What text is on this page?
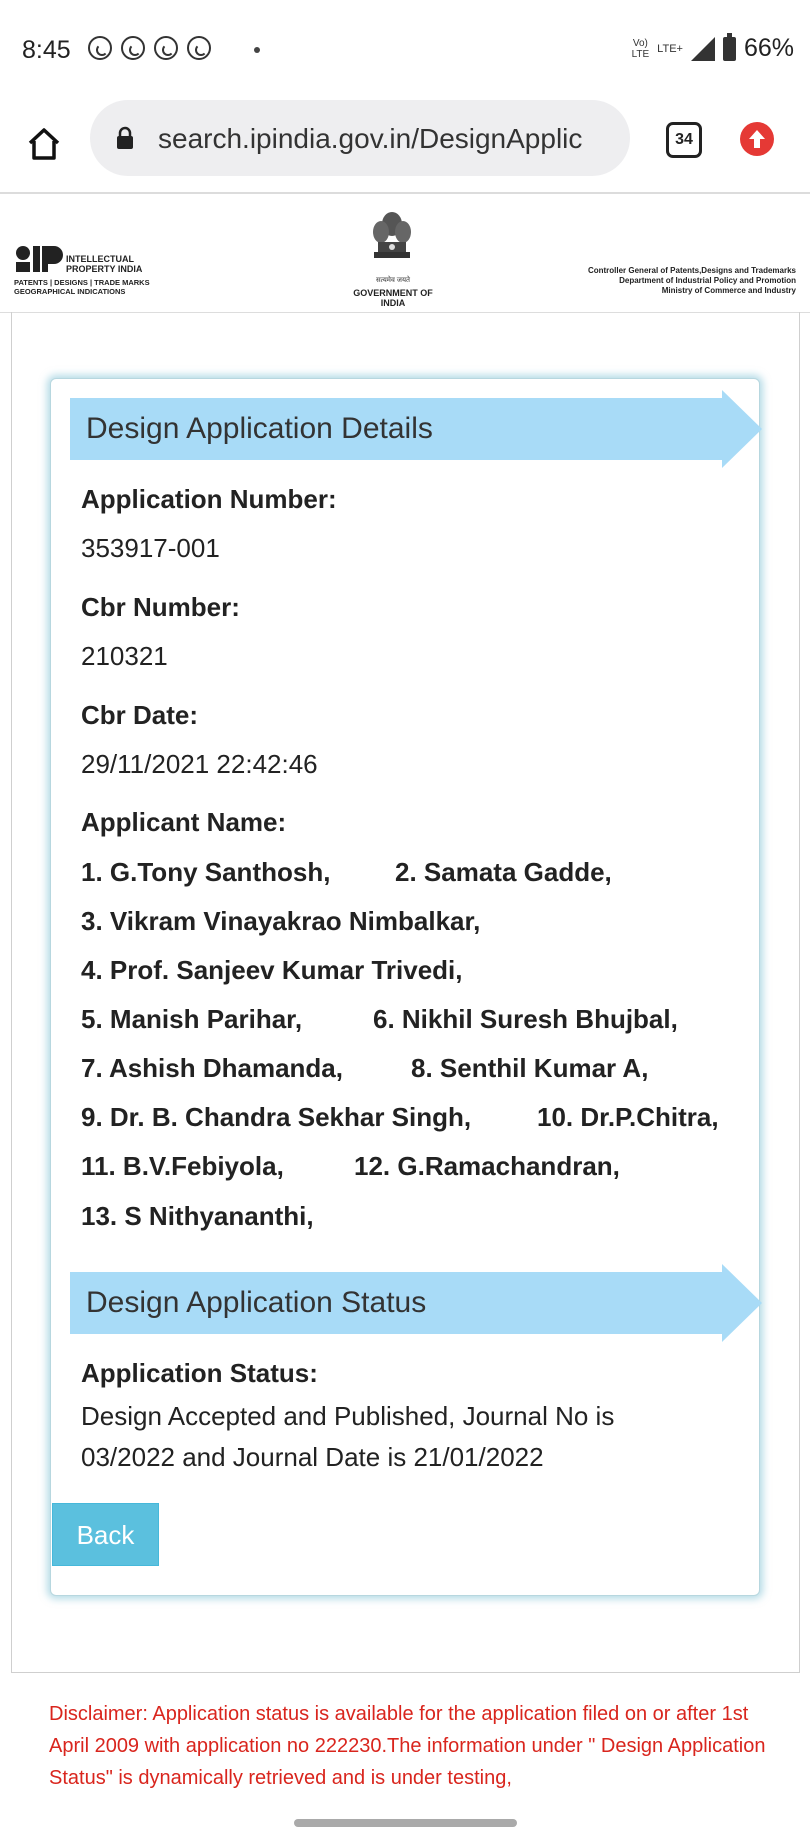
8:45	Vo)
LTE LTE+ 66%
search.ipindia.gov.in/DesignApplic	34
INTELLECTUAL
PROPERTY INDIA
PATENTS | DESIGNS | TRADE MARKS
GEOGRAPHICAL INDICATIONS
सत्यमेव जयते
GOVERNMENT OF INDIA
Controller General of Patents,Designs and Trademarks
Department of Industrial Policy and Promotion
Ministry of Commerce and Industry
Design Application Details
Application Number:
353917-001
Cbr Number:
210321
Cbr Date:
29/11/2021 22:42:46
Applicant Name:
1. G.Tony Santhosh, 2. Samata Gadde,
3. Vikram Vinayakrao Nimbalkar,
4. Prof. Sanjeev Kumar Trivedi,
5. Manish Parihar,	6. Nikhil Suresh Bhujbal,
7. Ashish Dhamanda,	8. Senthil Kumar A,
9. Dr. B. Chandra Sekhar Singh,	10. Dr.P.Chitra,
11. B.V.Febiyola,	12. G.Ramachandran,
13. S Nithyananthi,
Design Application Status
Application Status:
Design Accepted and Published, Journal No is 03/2022 and Journal Date is 21/01/2022
Back
Disclaimer: Application status is available for the application filed on or after 1st April 2009 with application no 222230.The information under " Design Application Status" is dynamically retrieved and is under testing,
